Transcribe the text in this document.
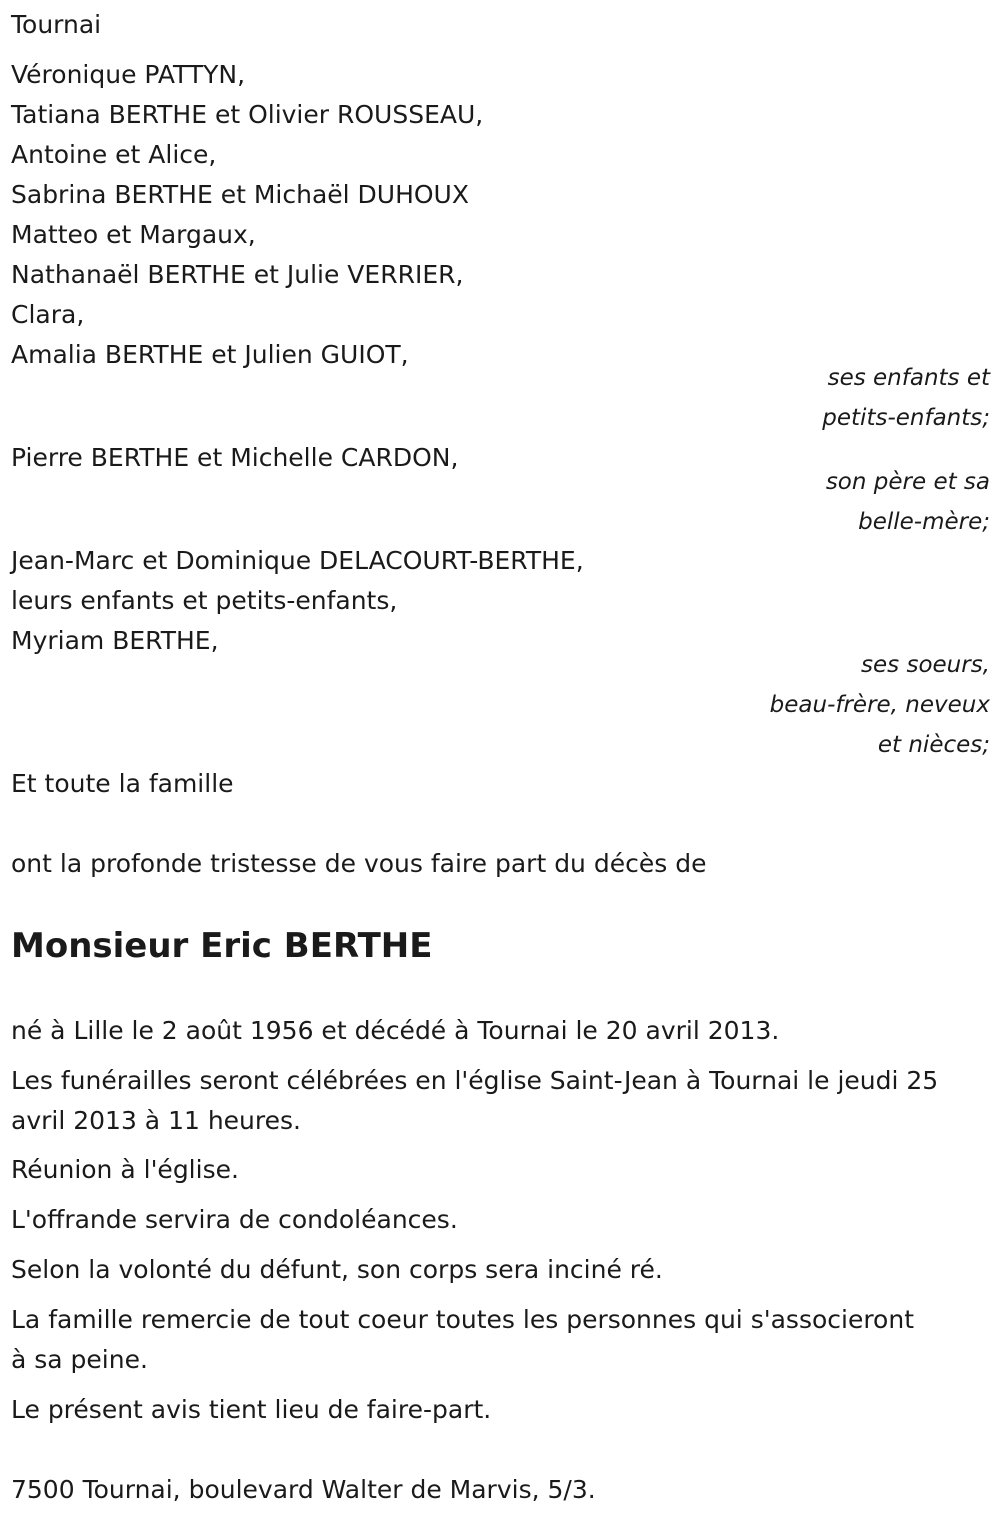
Tournai
Véronique PATTYN,
Tatiana BERTHE et Olivier ROUSSEAU,
Antoine et Alice,
Sabrina BERTHE et Michaël DUHOUX
Matteo et Margaux,
Nathanaël BERTHE et Julie VERRIER,
Clara,
Amalia BERTHE et Julien GUIOT,
ses enfants et
petits-enfants;
Pierre BERTHE et Michelle CARDON,
son père et sa
belle-mère;
Jean-Marc et Dominique DELACOURT-BERTHE,
leurs enfants et petits-enfants,
Myriam BERTHE,
ses soeurs,
beau-frère, neveux
et nièces;
Et toute la famille
ont la profonde tristesse de vous faire part du décès de
Monsieur Eric BERTHE
né à Lille le 2 août 1956 et décédé à Tournai le 20 avril 2013.
Les funérailles seront célébrées en l'église Saint-Jean à Tournai le jeudi 25
avril 2013 à 11 heures.
Réunion à l'église.
L'offrande servira de condoléances.
Selon la volonté du défunt, son corps sera inciné ré.
La famille remercie de tout coeur toutes les personnes qui s'associeront
à sa peine.
Le présent avis tient lieu de faire-part.
7500 Tournai, boulevard Walter de Marvis, 5/3.
